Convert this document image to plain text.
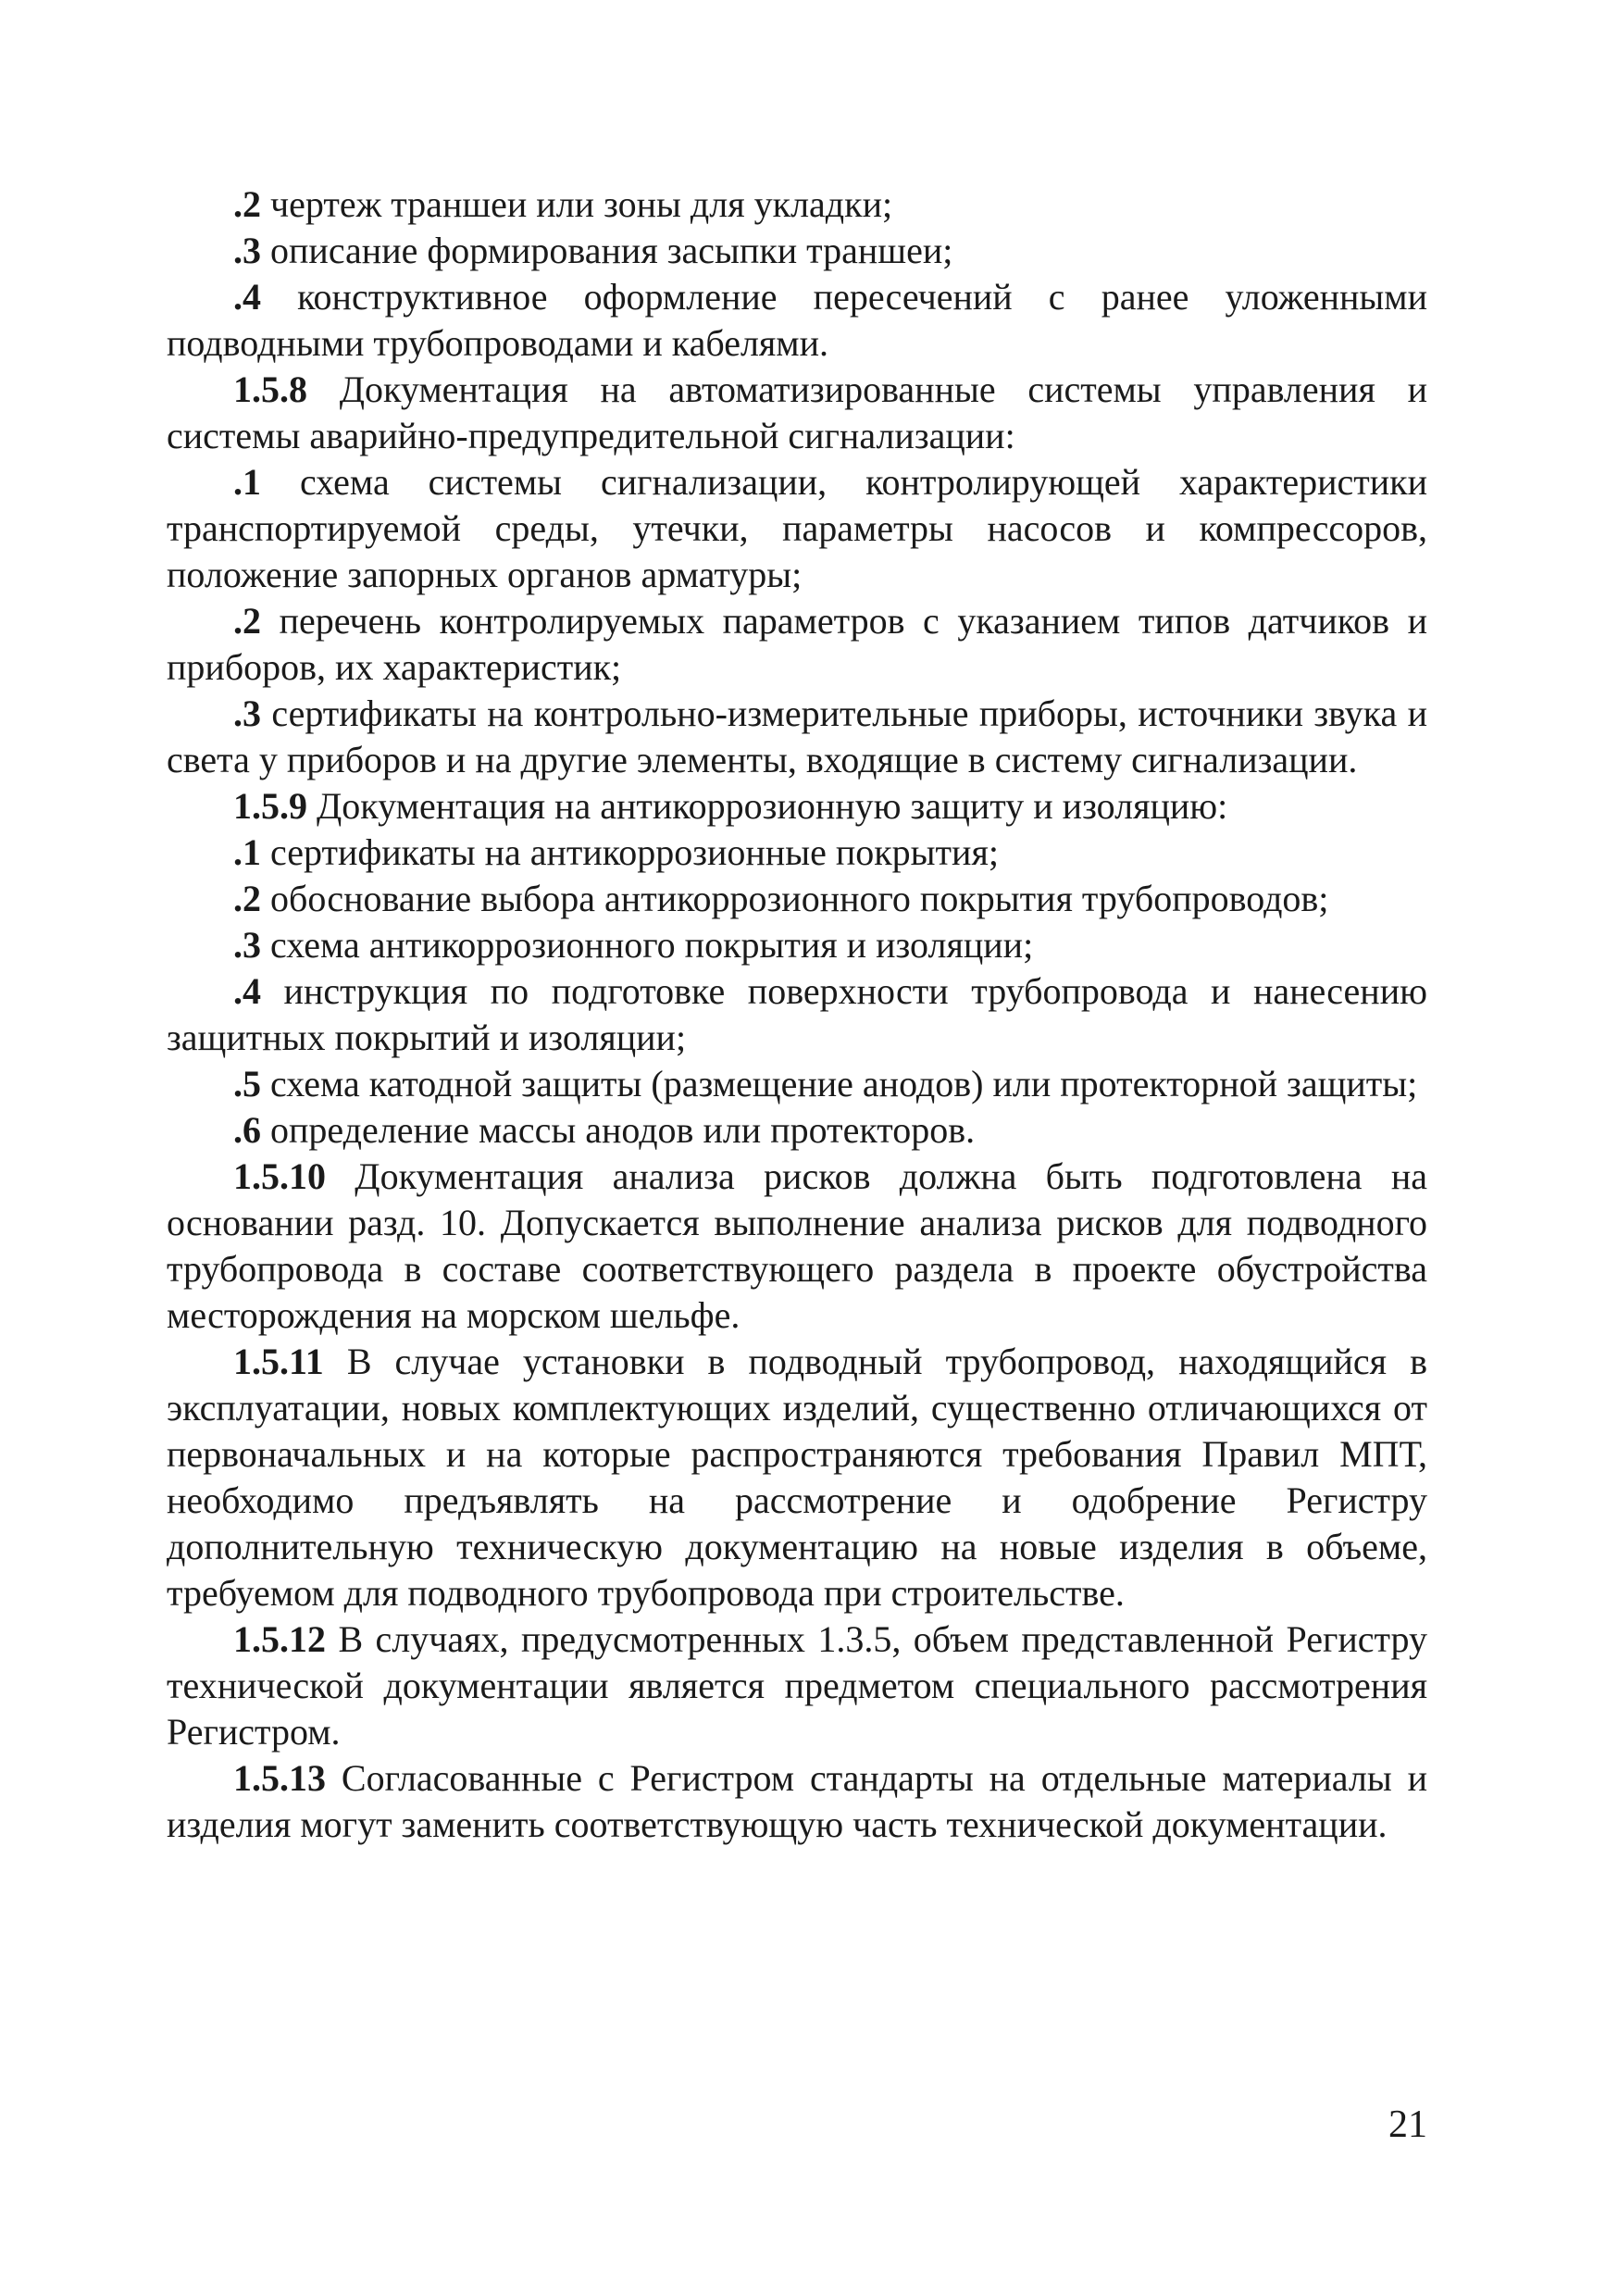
.2 чертеж траншеи или зоны для укладки;

.3 описание формирования засыпки траншеи;

.4 конструктивное оформление пересечений с ранее уложенными подводными трубопроводами и кабелями.

1.5.8 Документация на автоматизированные системы управления и системы аварийно-предупредительной сигнализации:

.1 схема системы сигнализации, контролирующей характеристики транспортируемой среды, утечки, параметры насосов и компрессоров, положение запорных органов арматуры;

.2 перечень контролируемых параметров с указанием типов датчиков и приборов, их характеристик;

.3 сертификаты на контрольно-измерительные приборы, источники звука и света у приборов и на другие элементы, входящие в систему сигнализации.

1.5.9 Документация на антикоррозионную защиту и изоляцию:

.1 сертификаты на антикоррозионные покрытия;

.2 обоснование выбора антикоррозионного покрытия трубопроводов;

.3 схема антикоррозионного покрытия и изоляции;

.4 инструкция по подготовке поверхности трубопровода и нанесению защитных покрытий и изоляции;

.5 схема катодной защиты (размещение анодов) или протекторной защиты;

.6 определение массы анодов или протекторов.

1.5.10 Документация анализа рисков должна быть подготовлена на основании разд. 10. Допускается выполнение анализа рисков для подводного трубопровода в составе соответствующего раздела в проекте обустройства месторождения на морском шельфе.

1.5.11 В случае установки в подводный трубопровод, находящийся в эксплуатации, новых комплектующих изделий, существенно отличающихся от первоначальных и на которые распространяются требования Правил МПТ, необходимо предъявлять на рассмотрение и одобрение Регистру дополнительную техническую документацию на новые изделия в объеме, требуемом для подводного трубопровода при строительстве.

1.5.12 В случаях, предусмотренных 1.3.5, объем представленной Регистру технической документации является предметом специального рассмотрения Регистром.

1.5.13 Согласованные с Регистром стандарты на отдельные материалы и изделия могут заменить соответствующую часть технической документации.

21
